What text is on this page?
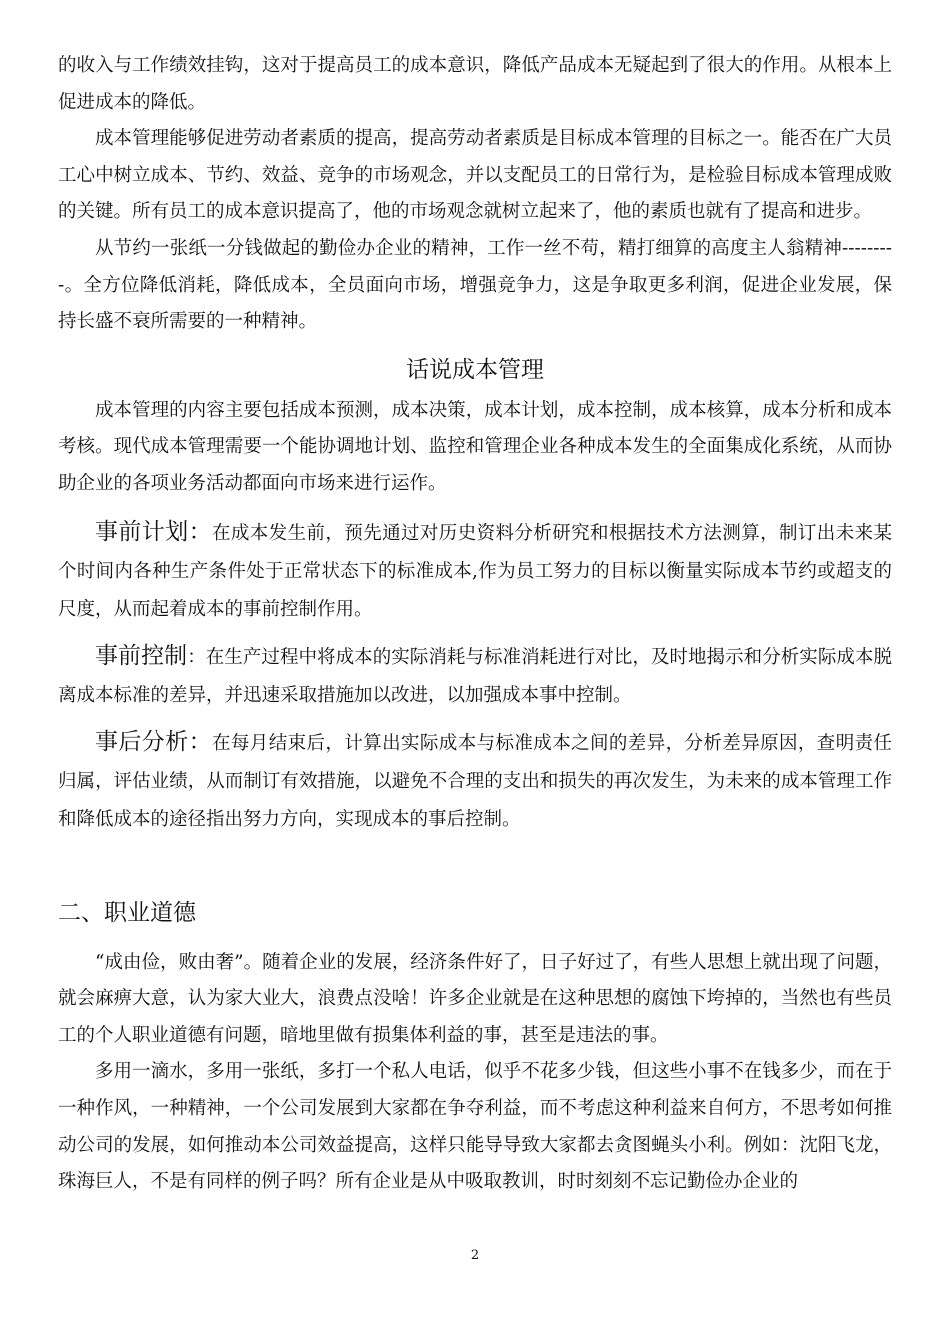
的收入与工作绩效挂钩，这对于提高员工的成本意识，降低产品成本无疑起到了很大的作用。从根本上促进成本的降低。

成本管理能够促进劳动者素质的提高，提高劳动者素质是目标成本管理的目标之一。能否在广大员工心中树立成本、节约、效益、竞争的市场观念，并以支配员工的日常行为，是检验目标成本管理成败的关键。所有员工的成本意识提高了，他的市场观念就树立起来了，他的素质也就有了提高和进步。

从节约一张纸一分钱做起的勤俭办企业的精神，工作一丝不苟，精打细算的高度主人翁精神---------。全方位降低消耗，降低成本，全员面向市场，增强竞争力，这是争取更多利润，促进企业发展，保持长盛不衰所需要的一种精神。

话说成本管理

成本管理的内容主要包括成本预测，成本决策，成本计划，成本控制，成本核算，成本分析和成本考核。现代成本管理需要一个能协调地计划、监控和管理企业各种成本发生的全面集成化系统，从而协助企业的各项业务活动都面向市场来进行运作。

事前计划：在成本发生前，预先通过对历史资料分析研究和根据技术方法测算，制订出未来某个时间内各种生产条件处于正常状态下的标准成本,作为员工努力的目标以衡量实际成本节约或超支的尺度，从而起着成本的事前控制作用。

事前控制：在生产过程中将成本的实际消耗与标准消耗进行对比，及时地揭示和分析实际成本脱离成本标准的差异，并迅速采取措施加以改进，以加强成本事中控制。

事后分析：在每月结束后，计算出实际成本与标准成本之间的差异，分析差异原因，查明责任归属，评估业绩，从而制订有效措施，以避免不合理的支出和损失的再次发生，为未来的成本管理工作和降低成本的途径指出努力方向，实现成本的事后控制。

二、职业道德

“成由俭，败由奢”。随着企业的发展，经济条件好了，日子好过了，有些人思想上就出现了问题，就会麻痹大意，认为家大业大，浪费点没啥！许多企业就是在这种思想的腐蚀下垮掉的，当然也有些员工的个人职业道德有问题，暗地里做有损集体利益的事，甚至是违法的事。

多用一滴水，多用一张纸，多打一个私人电话，似乎不花多少钱，但这些小事不在钱多少，而在于一种作风，一种精神，一个公司发展到大家都在争夺利益，而不考虑这种利益来自何方，不思考如何推动公司的发展，如何推动本公司效益提高，这样只能导导致大家都去贪图蝇头小利。例如：沈阳飞龙，珠海巨人，不是有同样的例子吗？所有企业是从中吸取教训，时时刻刻不忘记勤俭办企业的

2
